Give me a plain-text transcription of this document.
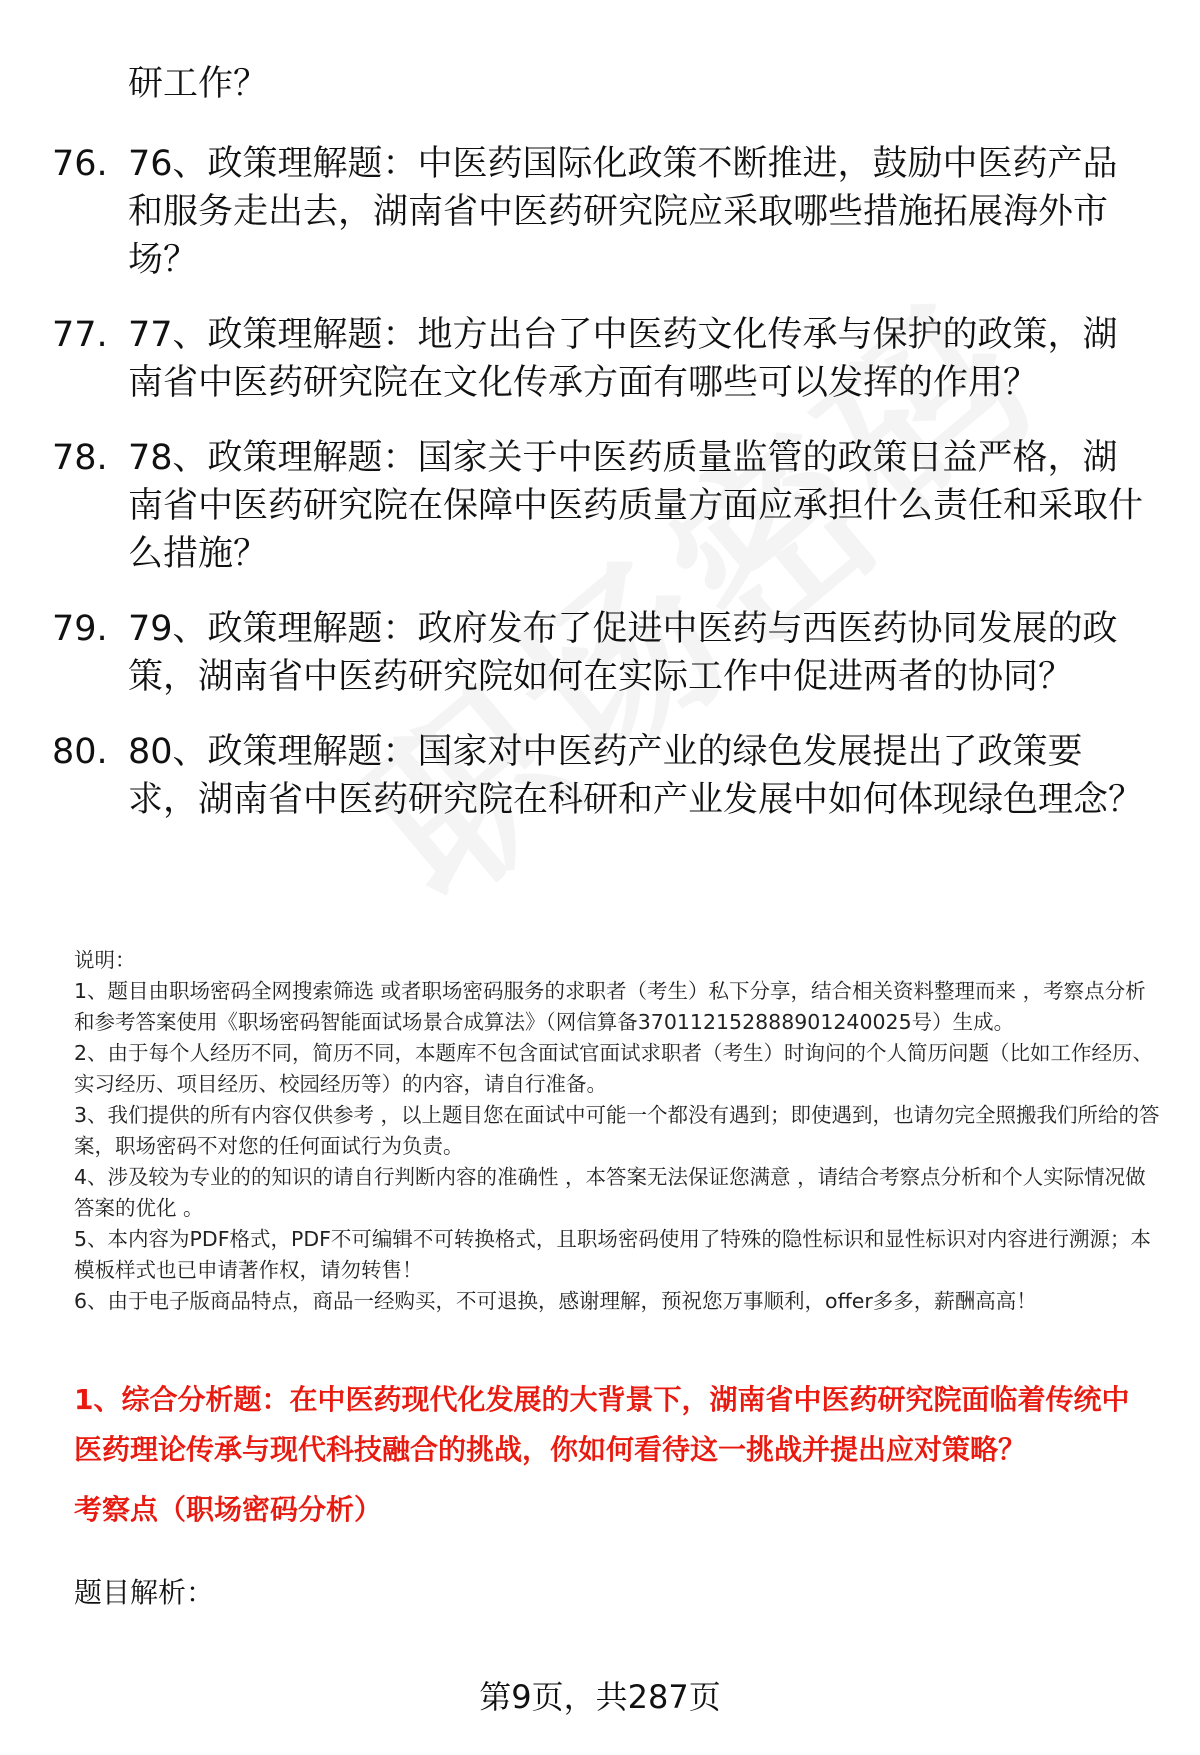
研工作？
76. 76、政策理解题：中医药国际化政策不断推进，鼓励中医药产品和服务走出去，湖南省中医药研究院应采取哪些措施拓展海外市场？
77. 77、政策理解题：地方出台了中医药文化传承与保护的政策，湖南省中医药研究院在文化传承方面有哪些可以发挥的作用？
78. 78、政策理解题：国家关于中医药质量监管的政策日益严格，湖南省中医药研究院在保障中医药质量方面应承担什么责任和采取什么措施？
79. 79、政策理解题：政府发布了促进中医药与西医药协同发展的政策，湖南省中医药研究院如何在实际工作中促进两者的协同？
80. 80、政策理解题：国家对中医药产业的绿色发展提出了政策要求，湖南省中医药研究院在科研和产业发展中如何体现绿色理念？

说明：

1、题目由职场密码全网搜索筛选 或者职场密码服务的求职者（考生）私下分享，结合相关资料整理而来 ，考察点分析和参考答案使用《职场密码智能面试场景合成算法》（网信算备370112152888901240025号）生成。

2、由于每个人经历不同，简历不同，本题库不包含面试官面试求职者（考生）时询问的个人简历问题（比如工作经历、实习经历、项目经历、校园经历等）的内容，请自行准备。

3、我们提供的所有内容仅供参考 ，以上题目您在面试中可能一个都没有遇到；即使遇到，也请勿完全照搬我们所给的答案，职场密码不对您的任何面试行为负责。

4、涉及较为专业的的知识的请自行判断内容的准确性 ，本答案无法保证您满意 ，请结合考察点分析和个人实际情况做答案的优化 。

5、本内容为PDF格式，PDF不可编辑不可转换格式，且职场密码使用了特殊的隐性标识和显性标识对内容进行溯源；本模板样式也已申请著作权，请勿转售！

6、由于电子版商品特点，商品一经购买，不可退换，感谢理解，预祝您万事顺利，offer多多，薪酬高高！

1、综合分析题：在中医药现代化发展的大背景下，湖南省中医药研究院面临着传统中医药理论传承与现代科技融合的挑战，你如何看待这一挑战并提出应对策略？
考察点（职场密码分析）
题目解析：
第9页，共287页
